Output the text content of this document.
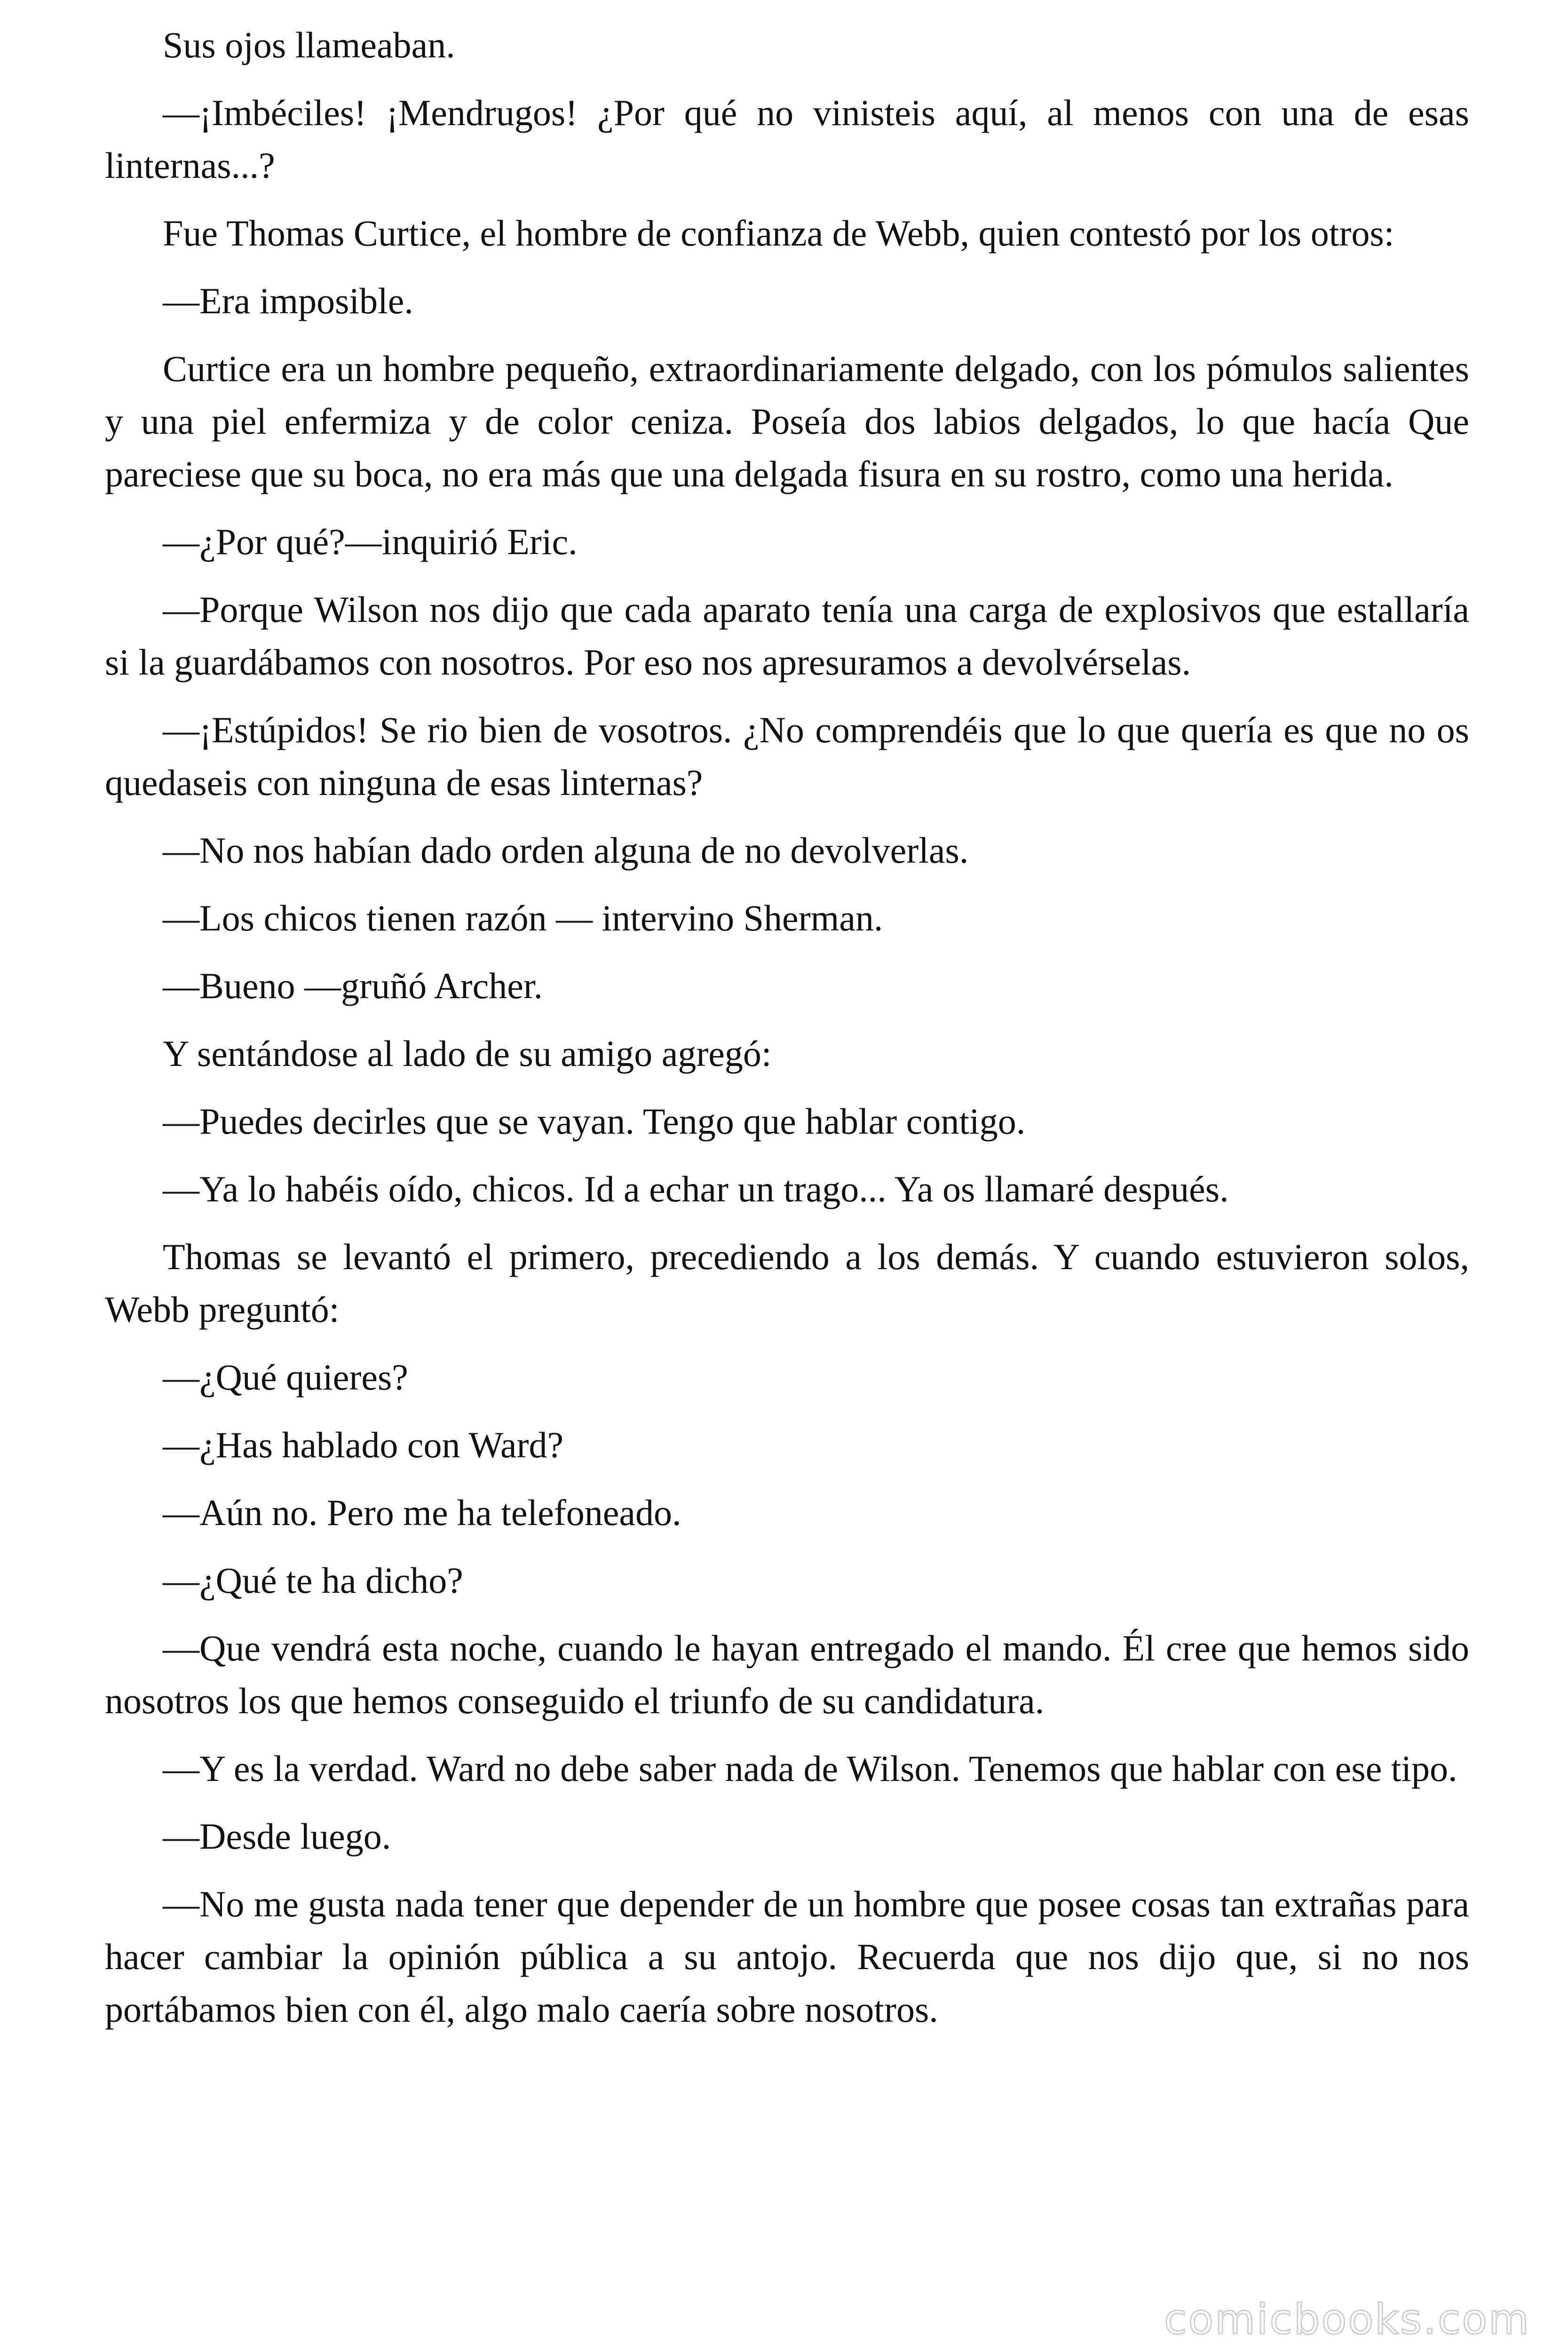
Sus ojos llameaban.

—¡Imbéciles! ¡Mendrugos! ¿Por qué no vinisteis aquí, al menos con una de esas linternas...?

Fue Thomas Curtice, el hombre de confianza de Webb, quien contestó por los otros:

—Era imposible.

Curtice era un hombre pequeño, extraordinariamente delgado, con los pómulos salientes y una piel enfermiza y de color ceniza. Poseía dos labios delgados, lo que hacía Que pareciese que su boca, no era más que una delgada fisura en su rostro, como una herida.

—¿Por qué?—inquirió Eric.

—Porque Wilson nos dijo que cada aparato tenía una carga de explosivos que estallaría si la guardábamos con nosotros. Por eso nos apresuramos a devolvérselas.

—¡Estúpidos! Se rio bien de vosotros. ¿No comprendéis que lo que quería es que no os quedaseis con ninguna de esas linternas?

—No nos habían dado orden alguna de no devolverlas.

—Los chicos tienen razón — intervino Sherman.

—Bueno —gruñó Archer.

Y sentándose al lado de su amigo agregó:

—Puedes decirles que se vayan. Tengo que hablar contigo.

—Ya lo habéis oído, chicos. Id a echar un trago... Ya os llamaré después.

Thomas se levantó el primero, precediendo a los demás. Y cuando estuvieron solos, Webb preguntó:

—¿Qué quieres?

—¿Has hablado con Ward?

—Aún no. Pero me ha telefoneado.

—¿Qué te ha dicho?

—Que vendrá esta noche, cuando le hayan entregado el mando. Él cree que hemos sido nosotros los que hemos conseguido el triunfo de su candidatura.

—Y es la verdad. Ward no debe saber nada de Wilson. Tenemos que hablar con ese tipo.

—Desde luego.

—No me gusta nada tener que depender de un hombre que posee cosas tan extrañas para hacer cambiar la opinión pública a su antojo. Recuerda que nos dijo que, si no nos portábamos bien con él, algo malo caería sobre nosotros.

comicbooks.com
